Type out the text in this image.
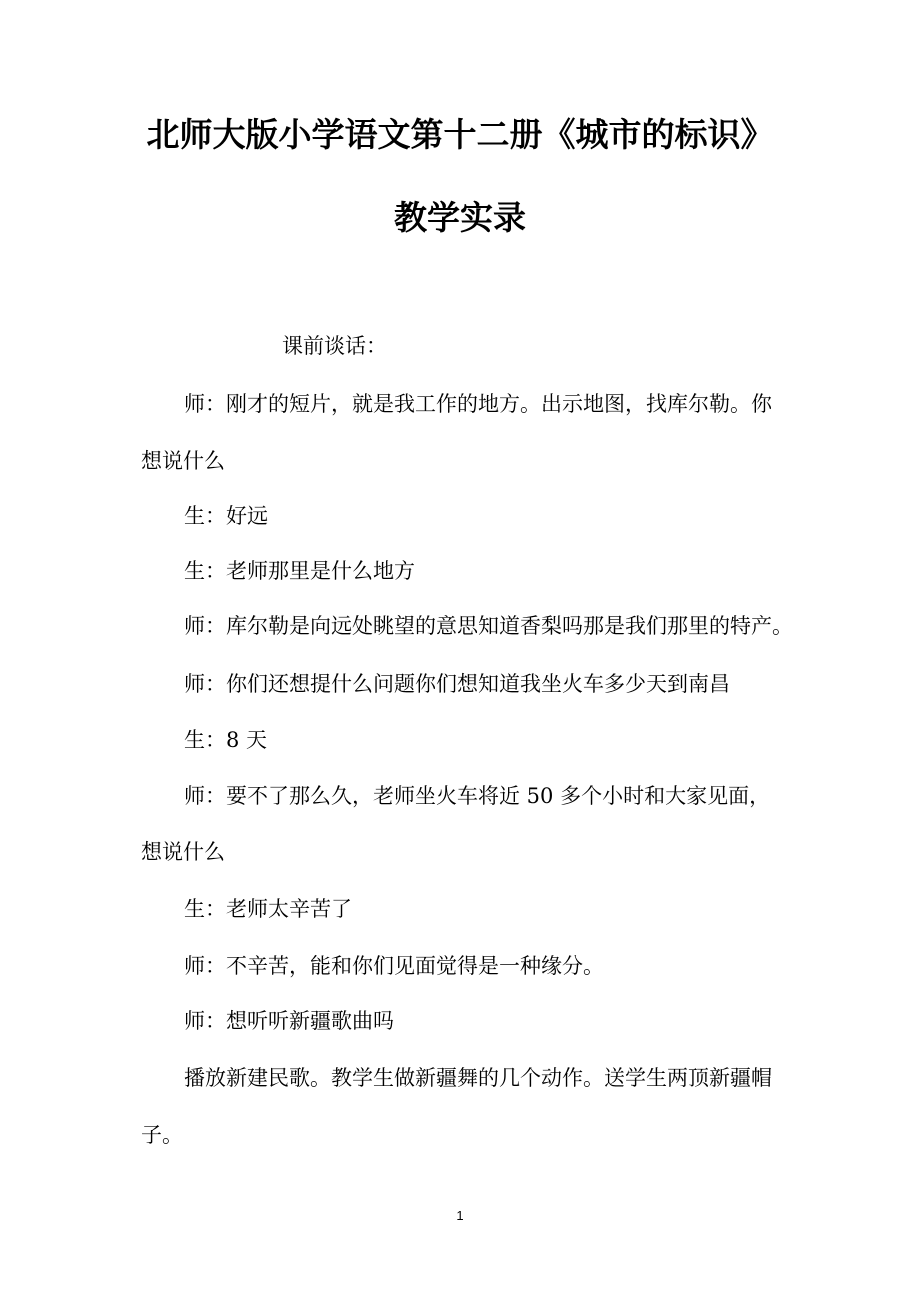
北师大版小学语文第十二册《城市的标识》
教学实录
课前谈话：
师：刚才的短片，就是我工作的地方。出示地图，找库尔勒。你
想说什么
生：好远
生：老师那里是什么地方
师：库尔勒是向远处眺望的意思知道香梨吗那是我们那里的特产。
师：你们还想提什么问题你们想知道我坐火车多少天到南昌
生：8 天
师：要不了那么久，老师坐火车将近 50 多个小时和大家见面，
想说什么
生：老师太辛苦了
师：不辛苦，能和你们见面觉得是一种缘分。
师：想听听新疆歌曲吗
播放新建民歌。教学生做新疆舞的几个动作。送学生两顶新疆帽
子。
1
